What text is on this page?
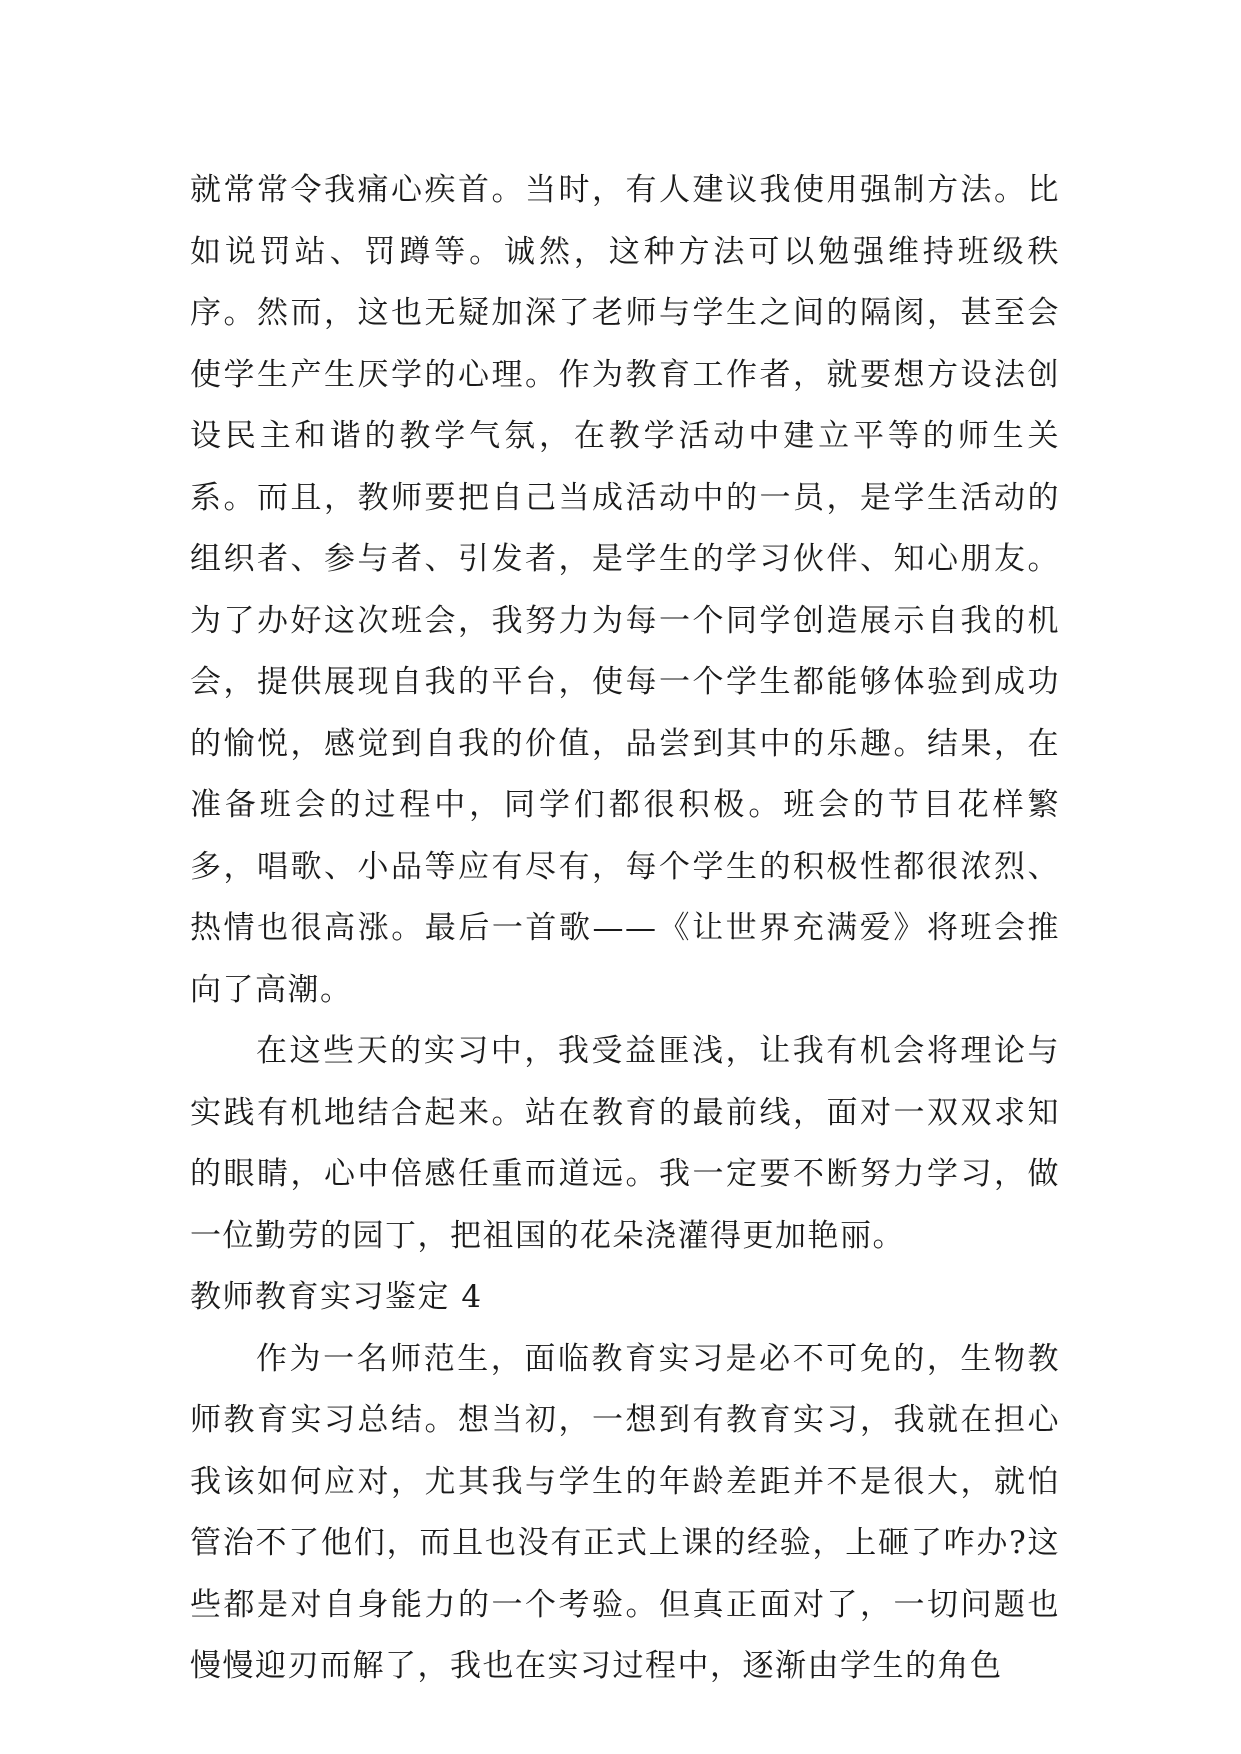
就常常令我痛心疾首。当时，有人建议我使用强制方法。比如说罚站、罚蹲等。诚然，这种方法可以勉强维持班级秩序。然而，这也无疑加深了老师与学生之间的隔阂，甚至会使学生产生厌学的心理。作为教育工作者，就要想方设法创设民主和谐的教学气氛，在教学活动中建立平等的师生关系。而且，教师要把自己当成活动中的一员，是学生活动的组织者、参与者、引发者，是学生的学习伙伴、知心朋友。为了办好这次班会，我努力为每一个同学创造展示自我的机会，提供展现自我的平台，使每一个学生都能够体验到成功的愉悦，感觉到自我的价值，品尝到其中的乐趣。结果，在准备班会的过程中，同学们都很积极。班会的节目花样繁多，唱歌、小品等应有尽有，每个学生的积极性都很浓烈、热情也很高涨。最后一首歌——《让世界充满爱》将班会推向了高潮。

在这些天的实习中，我受益匪浅，让我有机会将理论与实践有机地结合起来。站在教育的最前线，面对一双双求知的眼睛，心中倍感任重而道远。我一定要不断努力学习，做一位勤劳的园丁，把祖国的花朵浇灌得更加艳丽。

教师教育实习鉴定 4

作为一名师范生，面临教育实习是必不可免的，生物教师教育实习总结。想当初，一想到有教育实习，我就在担心我该如何应对，尤其我与学生的年龄差距并不是很大，就怕管治不了他们，而且也没有正式上课的经验，上砸了咋办?这些都是对自身能力的一个考验。但真正面对了，一切问题也慢慢迎刃而解了，我也在实习过程中，逐渐由学生的角色
